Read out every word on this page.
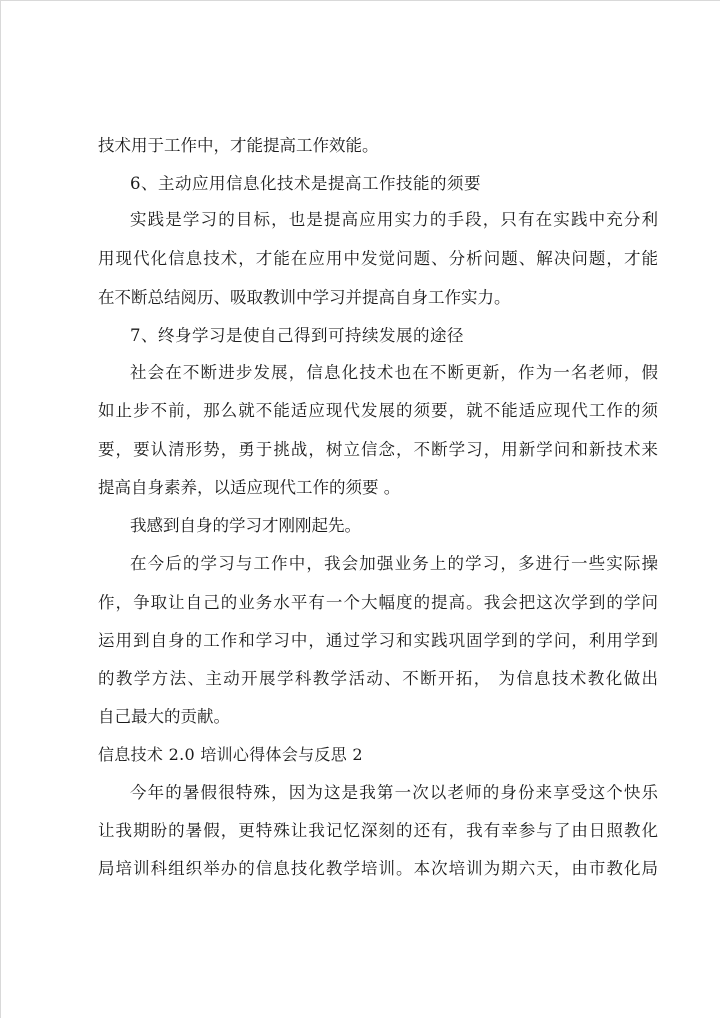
技术用于工作中，才能提高工作效能。
6、主动应用信息化技术是提高工作技能的须要
实践是学习的目标，也是提高应用实力的手段，只有在实践中充分利
用现代化信息技术，才能在应用中发觉问题、分析问题、解决问题，才能
在不断总结阅历、吸取教训中学习并提高自身工作实力。
7、终身学习是使自己得到可持续发展的途径
社会在不断进步发展，信息化技术也在不断更新，作为一名老师，假
如止步不前，那么就不能适应现代发展的须要，就不能适应现代工作的须
要，要认清形势，勇于挑战，树立信念，不断学习，用新学问和新技术来
提高自身素养，以适应现代工作的须要 。
我感到自身的学习才刚刚起先。
在今后的学习与工作中，我会加强业务上的学习，多进行一些实际操
作，争取让自己的业务水平有一个大幅度的提高。我会把这次学到的学问
运用到自身的工作和学习中，通过学习和实践巩固学到的学问，利用学到
的教学方法、主动开展学科教学活动、不断开拓， 为信息技术教化做出
自己最大的贡献。
信息技术 2.0 培训心得体会与反思 2
今年的暑假很特殊，因为这是我第一次以老师的身份来享受这个快乐
让我期盼的暑假，更特殊让我记忆深刻的还有，我有幸参与了由日照教化
局培训科组织举办的信息技化教学培训。本次培训为期六天，由市教化局
